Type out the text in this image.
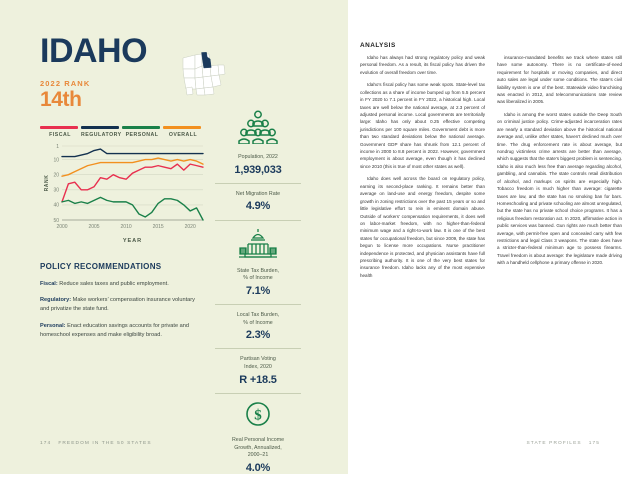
IDAHO
2022 RANK
14th
FISCAL	REGULATORY PERSONAL	OVERALL
1
10
20
30
40
50
2000	2005	2010	2015	2020
RANK
YEAR
POLICY RECOMMENDATIONS
Fiscal: Reduce sales taxes and public employment.
Regulatory: Make workers’ compensation insurance voluntary and privatize the state fund.
Personal: Enact education savings accounts for private and homeschool expenses and make eligibility broad.
Population, 2022
1,939,033
Net Migration Rate
4.9%
State Tax Burden,
% of Income
7.1%
Local Tax Burden,
% of Income
2.3%
Partisan Voting
Index, 2020
R +18.5
$
Real Personal Income
Growth, Annualized,
2000–21
4.0%
174 FREEDOM IN THE 50 STATES
ANALYSIS

Idaho has always had strong regulatory policy and weak personal freedom. As a result, its fiscal policy has driven the evolution of overall freedom over time.

Idaho’s fiscal policy has some weak spots. State-level tax collections as a share of income bumped up from 5.5 percent in FY 2020 to 7.1 percent in FY 2022, a historical high. Local taxes are well below the national average, at 2.3 percent of adjusted personal income. Local governments are territorially large: Idaho has only about 0.25 effective competing jurisdictions per 100 square miles. Government debt is more than two standard deviations below the national average. Government GDP share has shrunk from 12.1 percent of income in 2000 to 8.8 percent in 2022. However, government employment is about average, even though it has declined since 2010 (this is true of most other states as well).

Idaho does well across the board on regulatory policy, earning its second-place ranking. It remains better than average on land-use and energy freedom, despite some growth in zoning restrictions over the past 15 years or so and little legislative effort to rein in eminent domain abuse. Outside of workers’ compensation requirements, it does well on labor-market freedom, with no higher-than-federal minimum wage and a right-to-work law. It is one of the best states for occupational freedom, but since 2009, the state has begun to license more occupations. Nurse practitioner independence is protected, and physician assistants have full prescribing authority. It is one of the very best states for insurance freedom. Idaho lacks any of the most expensive health

insurance-mandated benefits we track where states still have some autonomy. There is no certificate-of-need requirement for hospitals or moving companies, and direct auto sales are legal under some conditions. The state’s civil liability system is one of the best. Statewide video franchising was enacted in 2012, and telecommunications rate review was liberalized in 2005.

Idaho is among the worst states outside the Deep South on criminal justice policy. Crime-adjusted incarceration rates are nearly a standard deviation above the historical national average and, unlike other states, haven’t declined much over time. The drug enforcement rate is about average, but nondrug victimless crime arrests are better than average, which suggests that the state’s biggest problem is sentencing. Idaho is also much less free than average regarding alcohol, gambling, and cannabis. The state controls retail distribution of alcohol, and markups on spirits are especially high. Tobacco freedom is much higher than average: cigarette taxes are low, and the state has no smoking ban for bars. Homeschooling and private schooling are almost unregulated, but the state has no private school choice programs. It has a religious freedom restoration act. In 2020, affirmative action in public services was banned. Gun rights are much better than average, with permit-free open and concealed carry with few restrictions and legal Class 3 weapons. The state does have a stricter-than-federal minimum age to possess firearms. Travel freedom is about average: the legislature made driving with a handheld cellphone a primary offense in 2020.

STATE PROFILES 175
